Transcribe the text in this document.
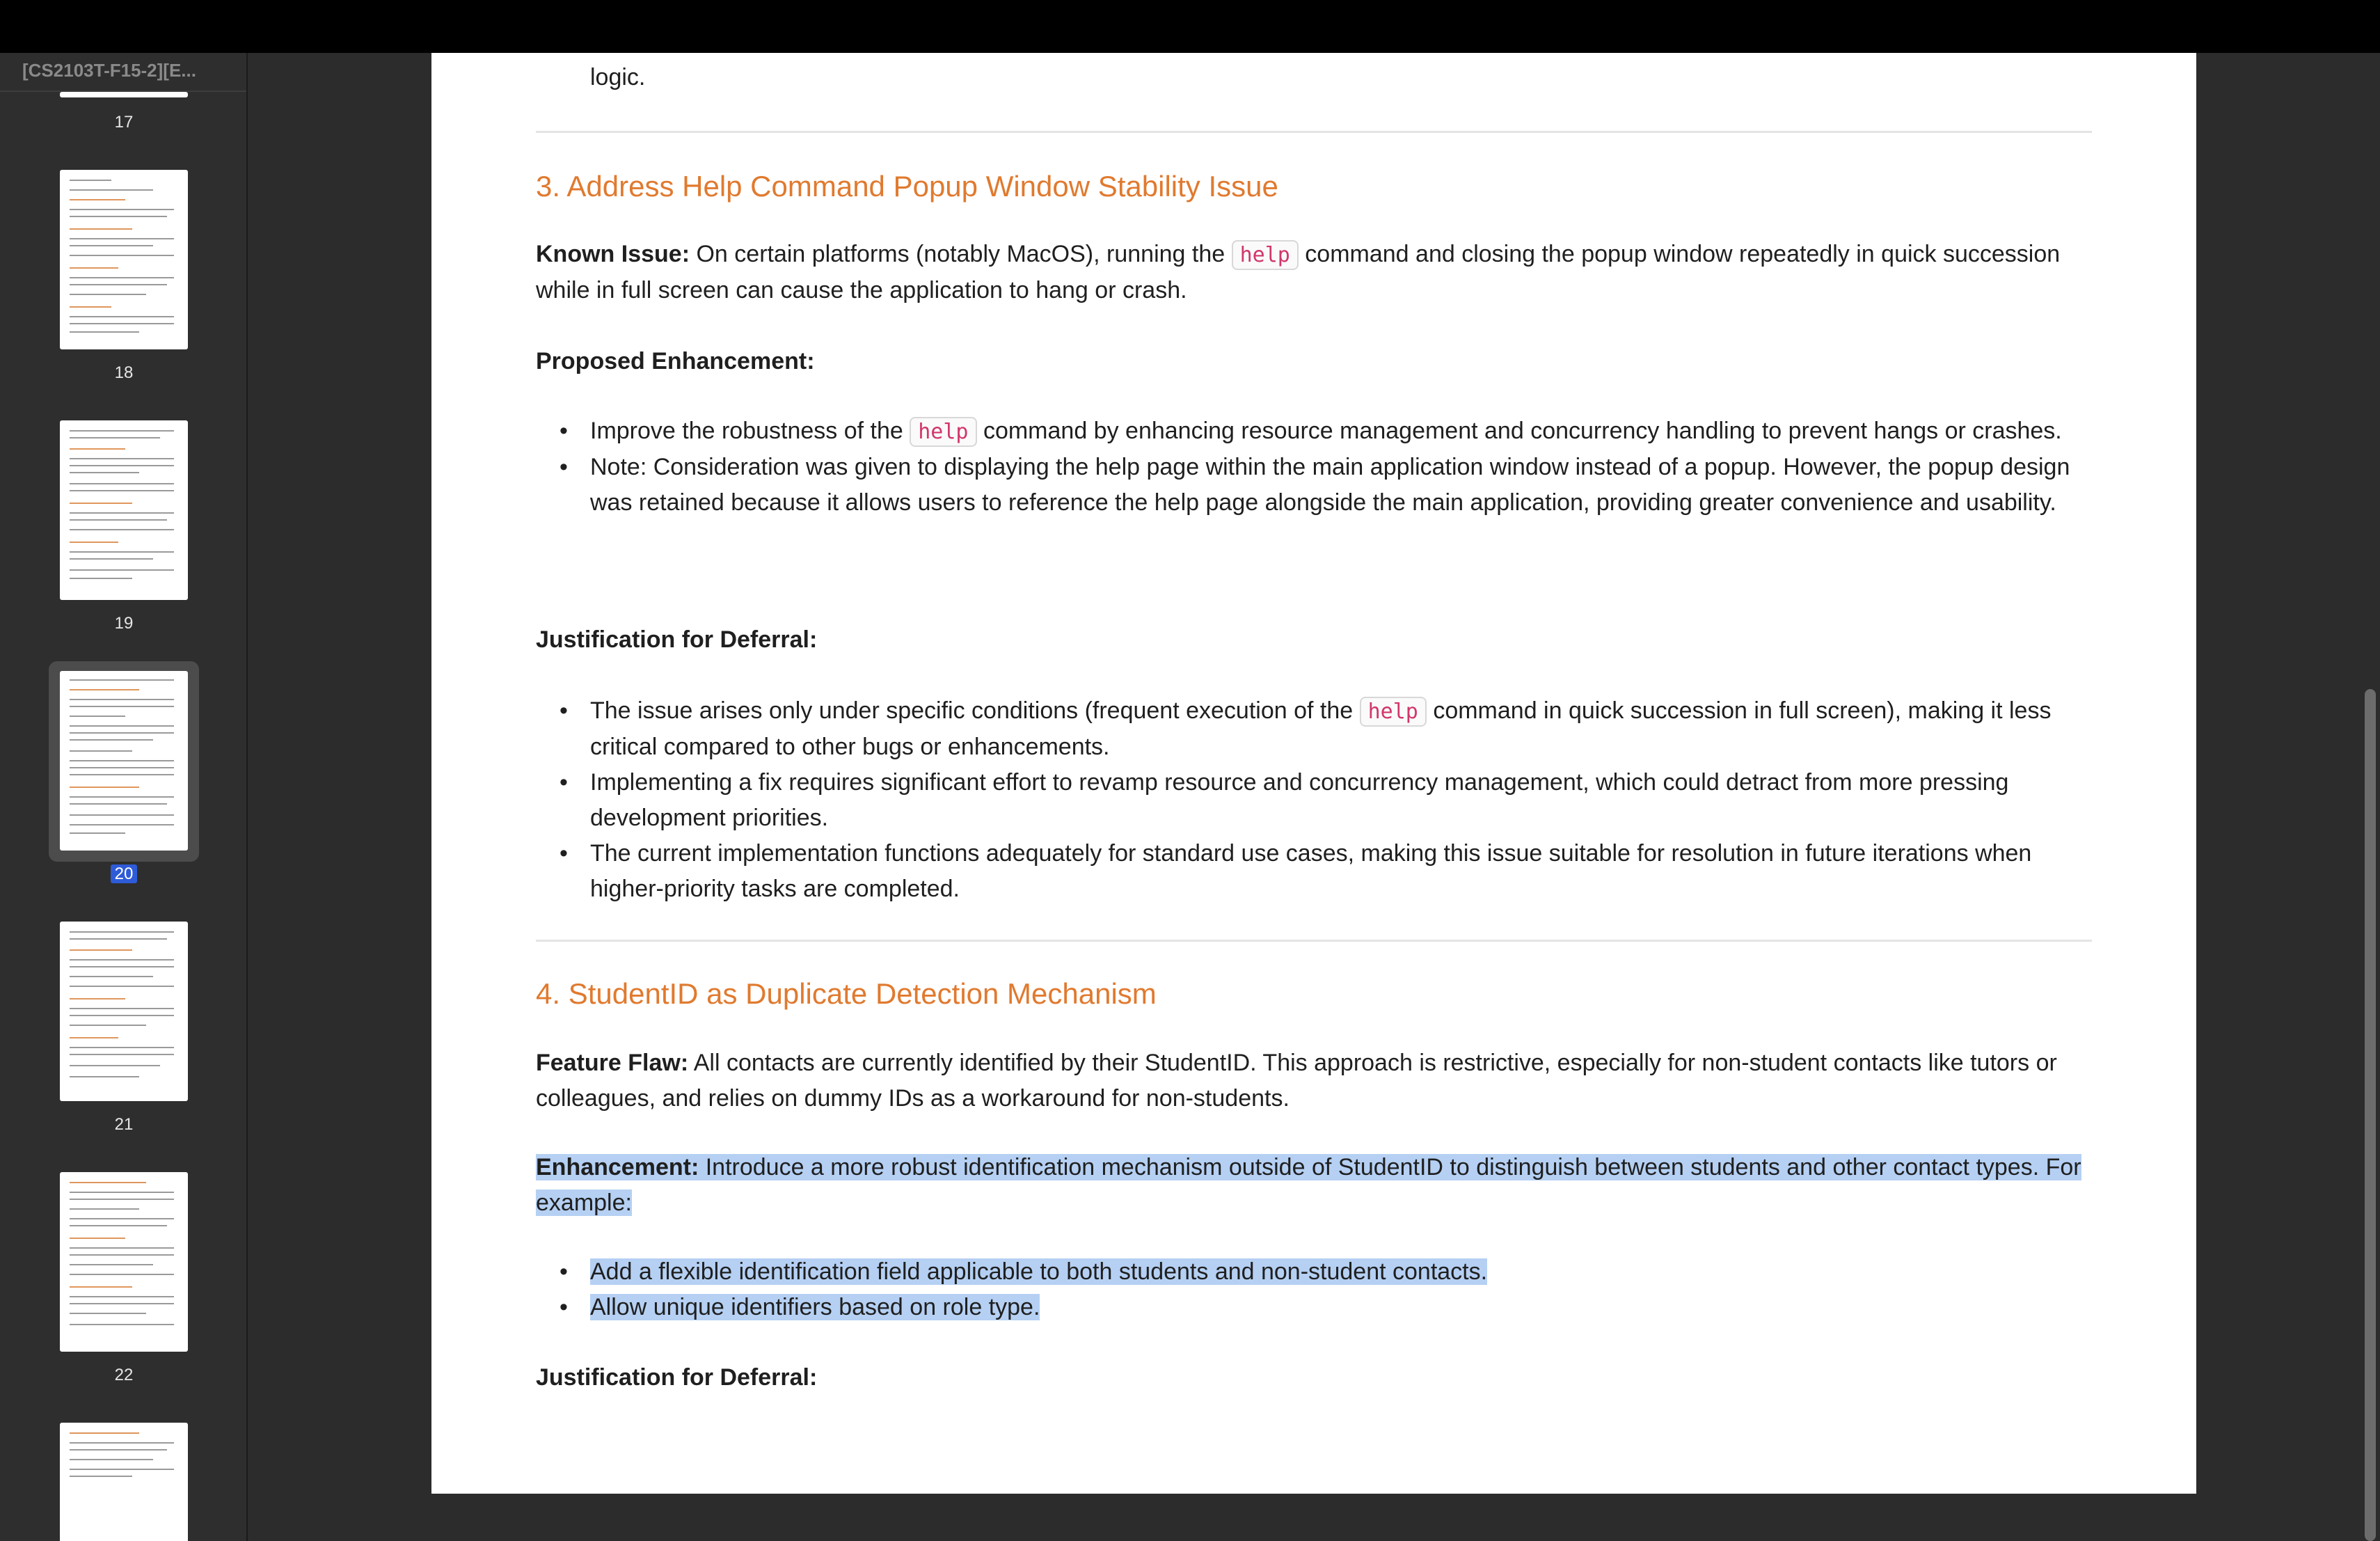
[CS2103T-F15-2][E...
17
18
19
20
21
22
logic.
3. Address Help Command Popup Window Stability Issue

Known Issue: On certain platforms (notably MacOS), running the help command and closing the popup window repeatedly in quick succession while in full screen can cause the application to hang or crash.

Proposed Enhancement:

• Improve the robustness of the help command by enhancing resource management and concurrency handling to prevent hangs or crashes.
• Note: Consideration was given to displaying the help page within the main application window instead of a popup. However, the popup design was retained because it allows users to reference the help page alongside the main application, providing greater convenience and usability.

Justification for Deferral:

• The issue arises only under specific conditions (frequent execution of the help command in quick succession in full screen), making it less critical compared to other bugs or enhancements.
• Implementing a fix requires significant effort to revamp resource and concurrency management, which could detract from more pressing development priorities.
• The current implementation functions adequately for standard use cases, making this issue suitable for resolution in future iterations when higher-priority tasks are completed.
4. StudentID as Duplicate Detection Mechanism

Feature Flaw: All contacts are currently identified by their StudentID. This approach is restrictive, especially for non-student contacts like tutors or colleagues, and relies on dummy IDs as a workaround for non-students.

Enhancement: Introduce a more robust identification mechanism outside of StudentID to distinguish between students and other contact types. For example:

• Add a flexible identification field applicable to both students and non-student contacts.
• Allow unique identifiers based on role type.

Justification for Deferral:
